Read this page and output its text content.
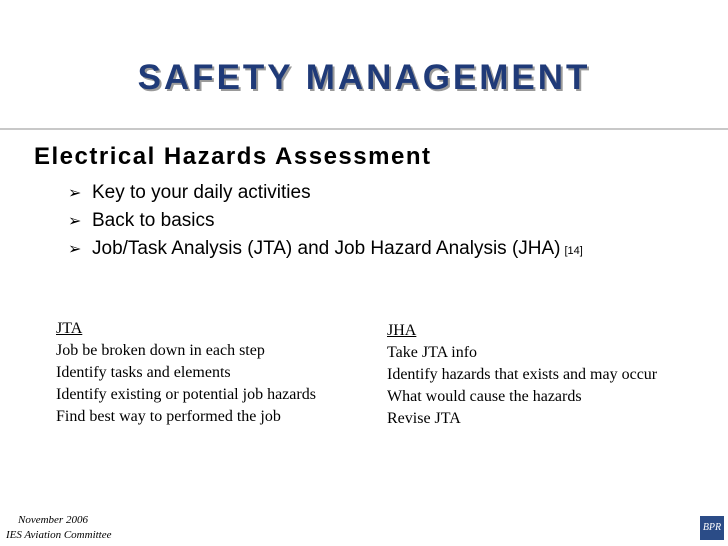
SAFETY MANAGEMENT
Electrical Hazards Assessment
➢ Key to your daily activities
➢ Back to basics
➢ Job/Task Analysis (JTA) and Job Hazard Analysis (JHA) [14]
JTA
Job be broken down in each step
Identify tasks and elements
Identify existing or potential job hazards
Find best way to performed the job
JHA
Take JTA info
Identify hazards that exists and may occur
What would cause the hazards
Revise JTA
November 2006
IES Aviation Committee
BPR
